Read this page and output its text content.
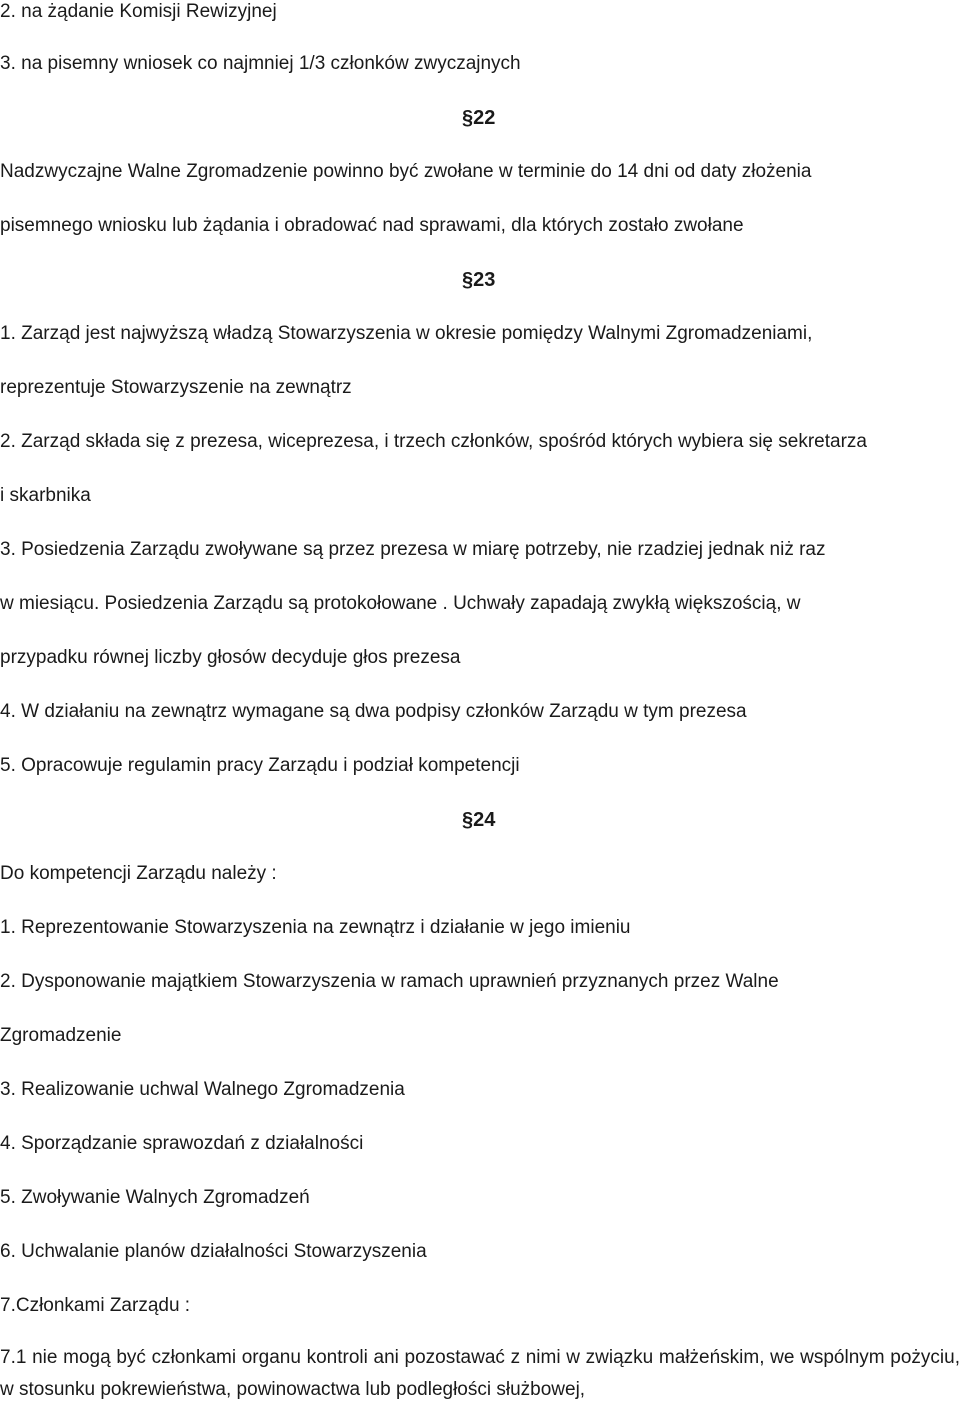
2. na żądanie Komisji Rewizyjnej

3. na pisemny wniosek co najmniej 1/3 członków zwyczajnych

§22

Nadzwyczajne Walne Zgromadzenie powinno być zwołane w terminie do 14 dni od daty złożenia

pisemnego wniosku lub żądania i obradować nad sprawami, dla których zostało zwołane

§23

1. Zarząd jest najwyższą władzą Stowarzyszenia w okresie pomiędzy Walnymi Zgromadzeniami,

reprezentuje Stowarzyszenie na zewnątrz

2. Zarząd składa się z prezesa, wiceprezesa, i trzech członków, spośród których wybiera się sekretarza

i skarbnika

3. Posiedzenia Zarządu zwoływane są przez prezesa w miarę potrzeby, nie rzadziej jednak niż raz

w miesiącu. Posiedzenia Zarządu są protokołowane . Uchwały zapadają zwykłą większością, w

przypadku równej liczby głosów decyduje głos prezesa

4. W działaniu na zewnątrz wymagane są dwa podpisy członków Zarządu w tym prezesa

5. Opracowuje regulamin pracy Zarządu i podział kompetencji

§24

Do kompetencji Zarządu należy :

1. Reprezentowanie Stowarzyszenia na zewnątrz i działanie w jego imieniu

2. Dysponowanie majątkiem Stowarzyszenia w ramach uprawnień przyznanych przez Walne

Zgromadzenie

3. Realizowanie uchwal Walnego Zgromadzenia

4. Sporządzanie sprawozdań z działalności

5. Zwoływanie Walnych Zgromadzeń

6. Uchwalanie planów działalności Stowarzyszenia

7.Członkami Zarządu :

7.1 nie mogą być członkami organu kontroli ani pozostawać z nimi w związku małżeńskim, we wspólnym pożyciu, w stosunku pokrewieństwa, powinowactwa lub podległości służbowej,
